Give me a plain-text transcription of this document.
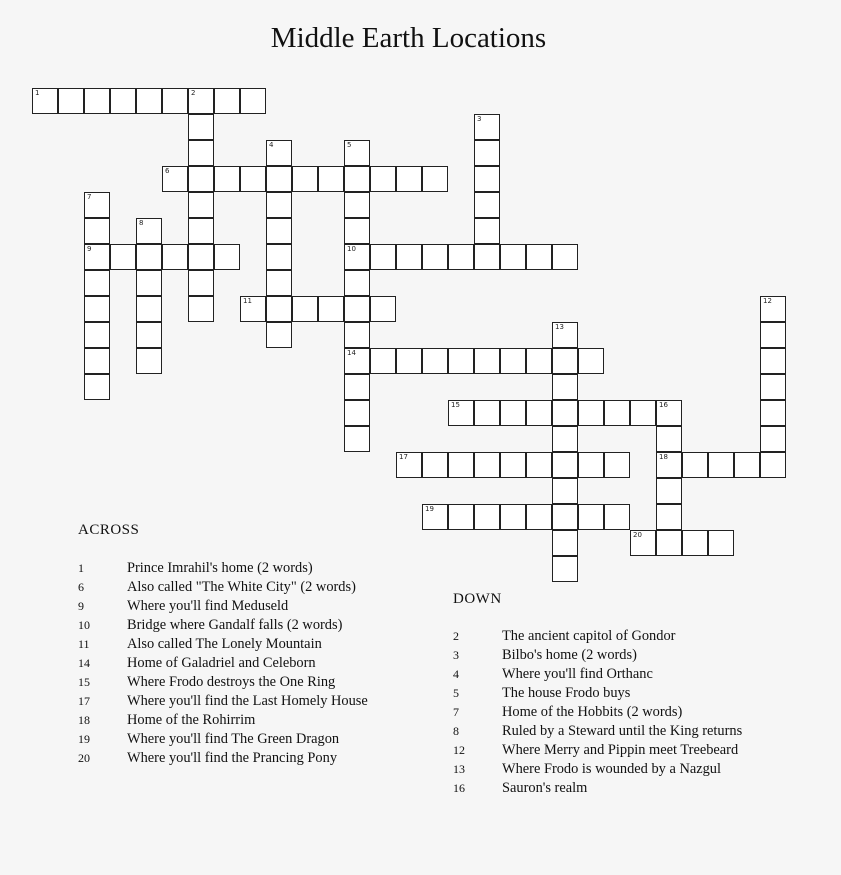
Middle Earth Locations
1	2
6
9	10
11
14
15	16
17	18
19
20
3
4	5
7
8
12
13
ACROSS
1	Prince Imrahil's home (2 words)
6	Also called "The White City" (2 words)
9	Where you'll find Meduseld
10	Bridge where Gandalf falls (2 words)
11	Also called The Lonely Mountain
14	Home of Galadriel and Celeborn
15	Where Frodo destroys the One Ring
17	Where you'll find the Last Homely House
18	Home of the Rohirrim
19	Where you'll find The Green Dragon
20	Where you'll find the Prancing Pony
DOWN
2	The ancient capitol of Gondor
3	Bilbo's home (2 words)
4	Where you'll find Orthanc
5	The house Frodo buys
7	Home of the Hobbits (2 words)
8	Ruled by a Steward until the King returns
12	Where Merry and Pippin meet Treebeard
13	Where Frodo is wounded by a Nazgul
16	Sauron's realm
